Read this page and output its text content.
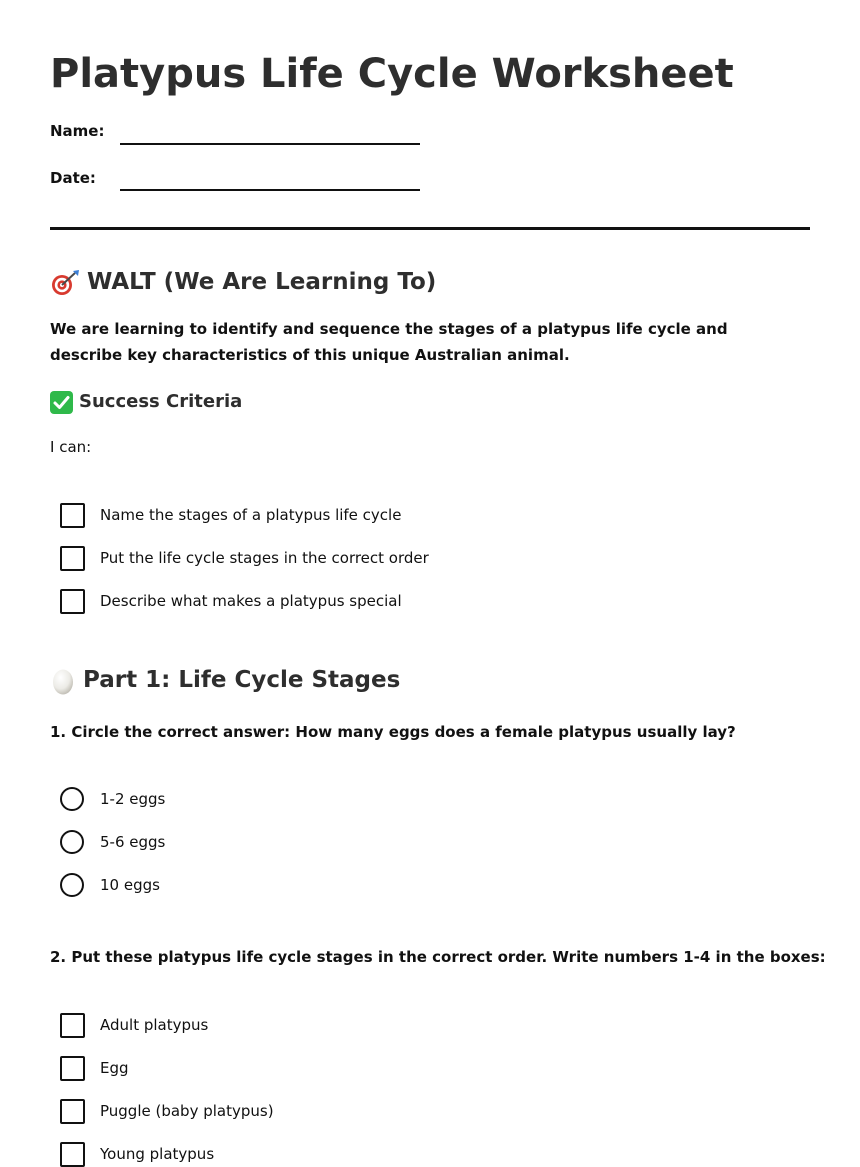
Platypus Life Cycle Worksheet
Name:
Date:
WALT (We Are Learning To)

We are learning to identify and sequence the stages of a platypus life cycle and describe key characteristics of this unique Australian animal.

Success Criteria

I can:

Name the stages of a platypus life cycle
Put the life cycle stages in the correct order
Describe what makes a platypus special
Part 1: Life Cycle Stages

1. Circle the correct answer: How many eggs does a female platypus usually lay?

1-2 eggs
5-6 eggs
10 eggs

2. Put these platypus life cycle stages in the correct order. Write numbers 1-4 in the boxes:

Adult platypus
Egg
Puggle (baby platypus)
Young platypus
